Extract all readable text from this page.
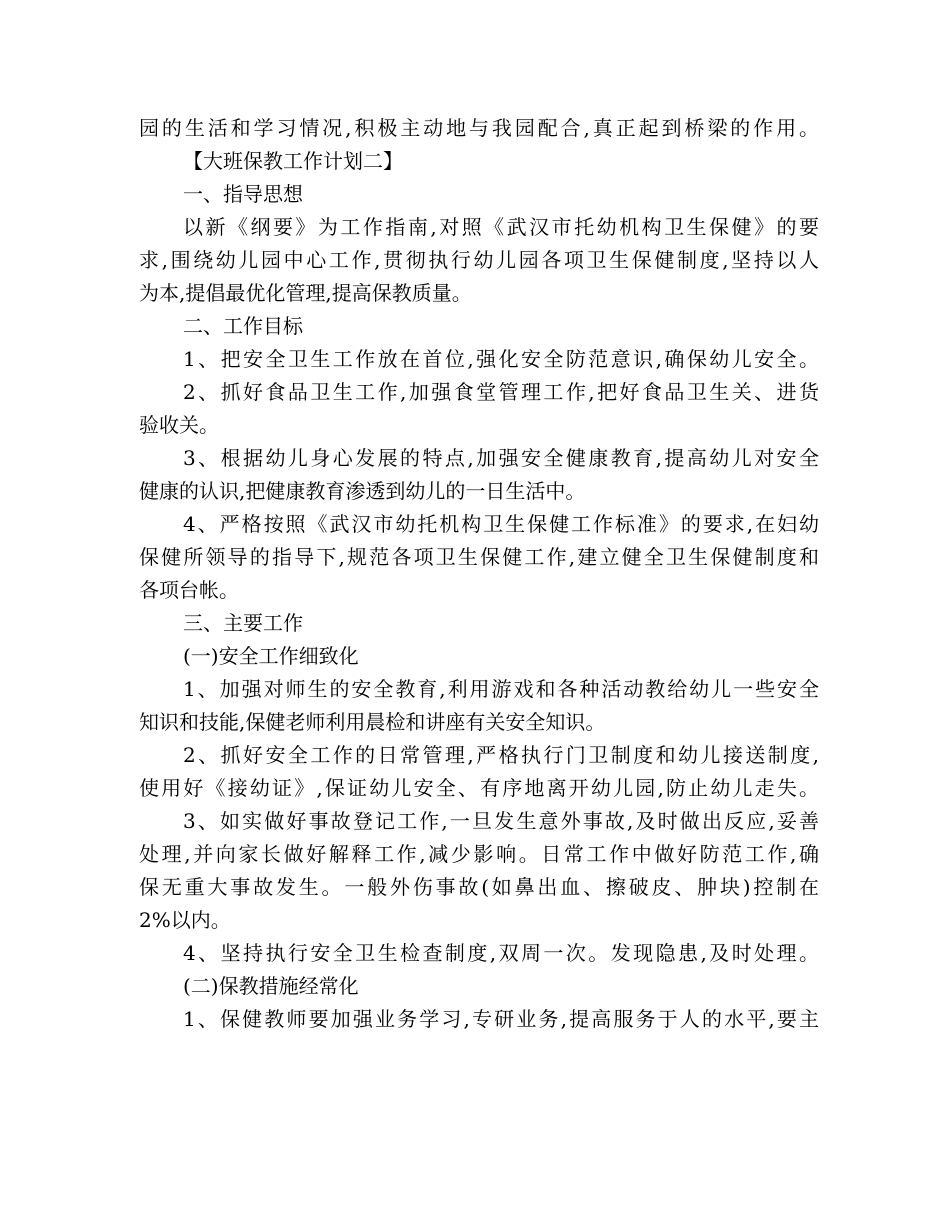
园的生活和学习情况,积极主动地与我园配合,真正起到桥梁的作用。
【大班保教工作计划二】
一、指导思想
以新《纲要》为工作指南,对照《武汉市托幼机构卫生保健》的要
求,围绕幼儿园中心工作,贯彻执行幼儿园各项卫生保健制度,坚持以人
为本,提倡最优化管理,提高保教质量。
二、工作目标
1、把安全卫生工作放在首位,强化安全防范意识,确保幼儿安全。
2、抓好食品卫生工作,加强食堂管理工作,把好食品卫生关、进货
验收关。
3、根据幼儿身心发展的特点,加强安全健康教育,提高幼儿对安全
健康的认识,把健康教育渗透到幼儿的一日生活中。
4、严格按照《武汉市幼托机构卫生保健工作标准》的要求,在妇幼
保健所领导的指导下,规范各项卫生保健工作,建立健全卫生保健制度和
各项台帐。
三、主要工作
(一)安全工作细致化
1、加强对师生的安全教育,利用游戏和各种活动教给幼儿一些安全
知识和技能,保健老师利用晨检和讲座有关安全知识。
2、抓好安全工作的日常管理,严格执行门卫制度和幼儿接送制度,
使用好《接幼证》,保证幼儿安全、有序地离开幼儿园,防止幼儿走失。
3、如实做好事故登记工作,一旦发生意外事故,及时做出反应,妥善
处理,并向家长做好解释工作,减少影响。日常工作中做好防范工作,确
保无重大事故发生。一般外伤事故(如鼻出血、擦破皮、肿块)控制在
2%以内。
4、坚持执行安全卫生检查制度,双周一次。发现隐患,及时处理。
(二)保教措施经常化
1、保健教师要加强业务学习,专研业务,提高服务于人的水平,要主
